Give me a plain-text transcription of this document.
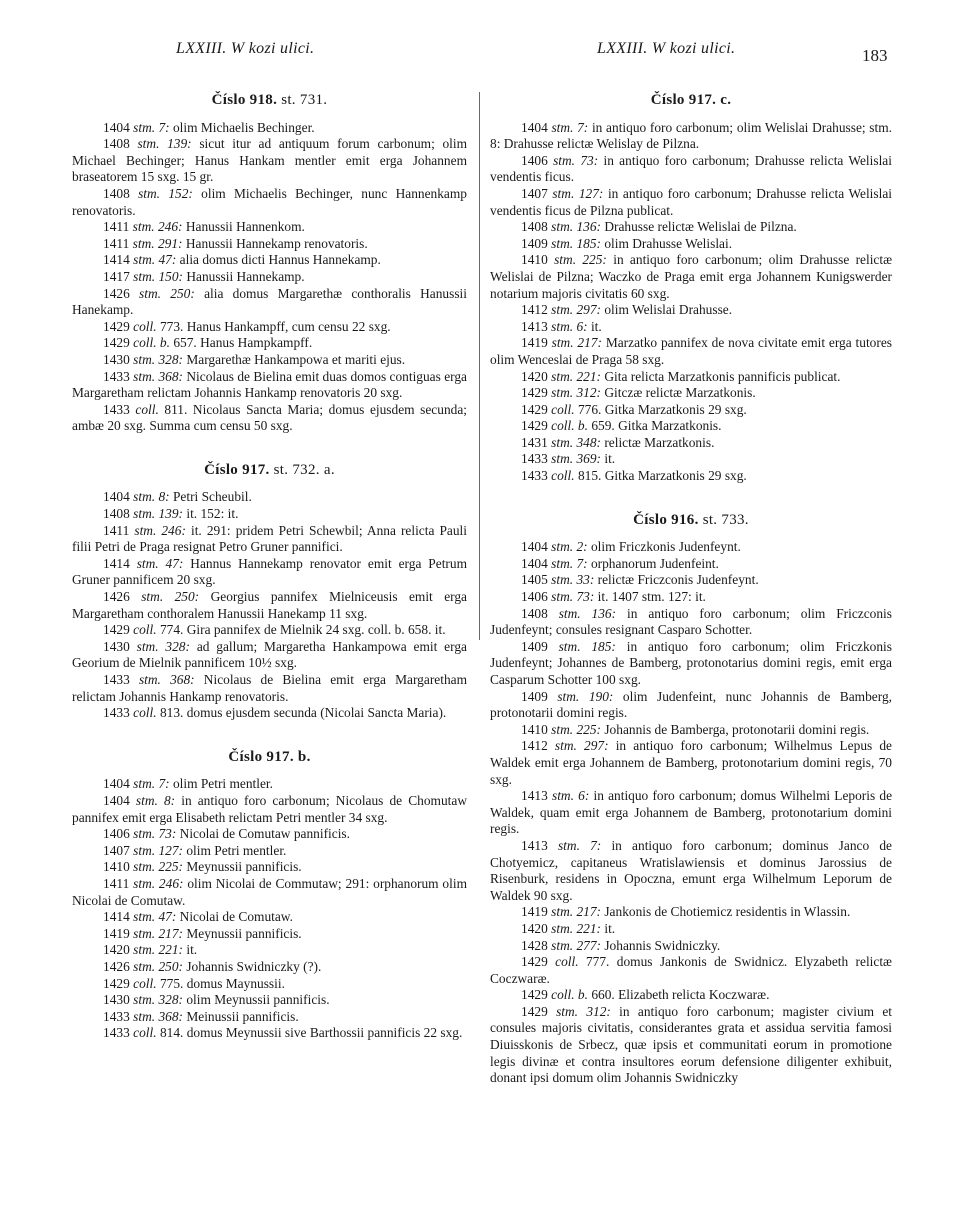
LXXIII. W kozi ulici.	LXXIII. W kozi ulici.	183
Číslo 918. st. 731.

1404 stm. 7: olim Michaelis Bechinger.

1408 stm. 139: sicut itur ad antiquum forum carbonum; olim Michael Bechinger; Hanus Hankam mentler emit erga Johannem braseatorem 15 sxg. 15 gr.

1408 stm. 152: olim Michaelis Bechinger, nunc Hannenkamp renovatoris.

1411 stm. 246: Hanussii Hannenkom.

1411 stm. 291: Hanussii Hannekamp renovatoris.

1414 stm. 47: alia domus dicti Hannus Hannekamp.

1417 stm. 150: Hanussii Hannekamp.

1426 stm. 250: alia domus Margarethæ conthoralis Hanussii Hanekamp.

1429 coll. 773. Hanus Hankampff, cum censu 22 sxg.

1429 coll. b. 657. Hanus Hampkampff.

1430 stm. 328: Margarethæ Hankampowa et mariti ejus.

1433 stm. 368: Nicolaus de Bielina emit duas domos contiguas erga Margaretham relictam Johannis Hankamp renovatoris 20 sxg.

1433 coll. 811. Nicolaus Sancta Maria; domus ejusdem secunda; ambæ 20 sxg. Summa cum censu 50 sxg.

Číslo 917. st. 732. a.

1404 stm. 8: Petri Scheubil.

1408 stm. 139: it. 152: it.

1411 stm. 246: it. 291: pridem Petri Schewbil; Anna relicta Pauli filii Petri de Praga resignat Petro Gruner pannifici.

1414 stm. 47: Hannus Hannekamp renovator emit erga Petrum Gruner pannificem 20 sxg.

1426 stm. 250: Georgius pannifex Mielniceusis emit erga Margaretham conthoralem Hanussii Hanekamp 11 sxg.

1429 coll. 774. Gira pannifex de Mielnik 24 sxg. coll. b. 658. it.

1430 stm. 328: ad gallum; Margaretha Hankampowa emit erga Georium de Mielnik pannificem 10½ sxg.

1433 stm. 368: Nicolaus de Bielina emit erga Margaretham relictam Johannis Hankamp renovatoris.

1433 coll. 813. domus ejusdem secunda (Nicolai Sancta Maria).

Číslo 917. b.

1404 stm. 7: olim Petri mentler.

1404 stm. 8: in antiquo foro carbonum; Nicolaus de Chomutaw pannifex emit erga Elisabeth relictam Petri mentler 34 sxg.

1406 stm. 73: Nicolai de Comutaw pannificis.

1407 stm. 127: olim Petri mentler.

1410 stm. 225: Meynussii pannificis.

1411 stm. 246: olim Nicolai de Commutaw; 291: orphanorum olim Nicolai de Comutaw.

1414 stm. 47: Nicolai de Comutaw.

1419 stm. 217: Meynussii pannificis.

1420 stm. 221: it.

1426 stm. 250: Johannis Swidniczky (?).

1429 coll. 775. domus Maynussii.

1430 stm. 328: olim Meynussii pannificis.

1433 stm. 368: Meinussii pannificis.

1433 coll. 814. domus Meynussii sive Barthossii pannificis 22 sxg.

Číslo 917. c.

1404 stm. 7: in antiquo foro carbonum; olim Welislai Drahusse; stm. 8: Drahusse relictæ Welislay de Pilzna.

1406 stm. 73: in antiquo foro carbonum; Drahusse relicta Welislai vendentis ficus.

1407 stm. 127: in antiquo foro carbonum; Drahusse relicta Welislai vendentis ficus de Pilzna publicat.

1408 stm. 136: Drahusse relictæ Welislai de Pilzna.

1409 stm. 185: olim Drahusse Welislai.

1410 stm. 225: in antiquo foro carbonum; olim Drahusse relictæ Welislai de Pilzna; Waczko de Praga emit erga Johannem Kunigswerder notarium majoris civitatis 60 sxg.

1412 stm. 297: olim Welislai Drahusse.

1413 stm. 6: it.

1419 stm. 217: Marzatko pannifex de nova civitate emit erga tutores olim Wenceslai de Praga 58 sxg.

1420 stm. 221: Gita relicta Marzatkonis pannificis publicat.

1429 stm. 312: Gitczæ relictæ Marzatkonis.

1429 coll. 776. Gitka Marzatkonis 29 sxg.

1429 coll. b. 659. Gitka Marzatkonis.

1431 stm. 348: relictæ Marzatkonis.

1433 stm. 369: it.

1433 coll. 815. Gitka Marzatkonis 29 sxg.

Číslo 916. st. 733.

1404 stm. 2: olim Friczkonis Judenfeynt.

1404 stm. 7: orphanorum Judenfeint.

1405 stm. 33: relictæ Friczconis Judenfeynt.

1406 stm. 73: it. 1407 stm. 127: it.

1408 stm. 136: in antiquo foro carbonum; olim Friczconis Judenfeynt; consules resignant Casparo Schotter.

1409 stm. 185: in antiquo foro carbonum; olim Friczkonis Judenfeynt; Johannes de Bamberg, protonotarius domini regis, emit erga Casparum Schotter 100 sxg.

1409 stm. 190: olim Judenfeint, nunc Johannis de Bamberg, protonotarii domini regis.

1410 stm. 225: Johannis de Bamberga, protonotarii domini regis.

1412 stm. 297: in antiquo foro carbonum; Wilhelmus Lepus de Waldek emit erga Johannem de Bamberg, protonotarium domini regis, 70 sxg.

1413 stm. 6: in antiquo foro carbonum; domus Wilhelmi Leporis de Waldek, quam emit erga Johannem de Bamberg, protonotarium domini regis.

1413 stm. 7: in antiquo foro carbonum; dominus Janco de Chotyemicz, capitaneus Wratislawiensis et dominus Jarossius de Risenburk, residens in Opoczna, emunt erga Wilhelmum Leporum de Waldek 90 sxg.

1419 stm. 217: Jankonis de Chotiemicz residentis in Wlassin.

1420 stm. 221: it.

1428 stm. 277: Johannis Swidniczky.

1429 coll. 777. domus Jankonis de Swidnicz. Elyzabeth relictæ Coczwaræ.

1429 coll. b. 660. Elizabeth relicta Koczwaræ.

1429 stm. 312: in antiquo foro carbonum; magister civium et consules majoris civitatis, considerantes grata et assidua servitia famosi Diuisskonis de Srbecz, quæ ipsis et communitati eorum in promotione legis divinæ et contra insultores eorum defensione diligenter exhibuit, donant ipsi domum olim Johannis Swidniczky
